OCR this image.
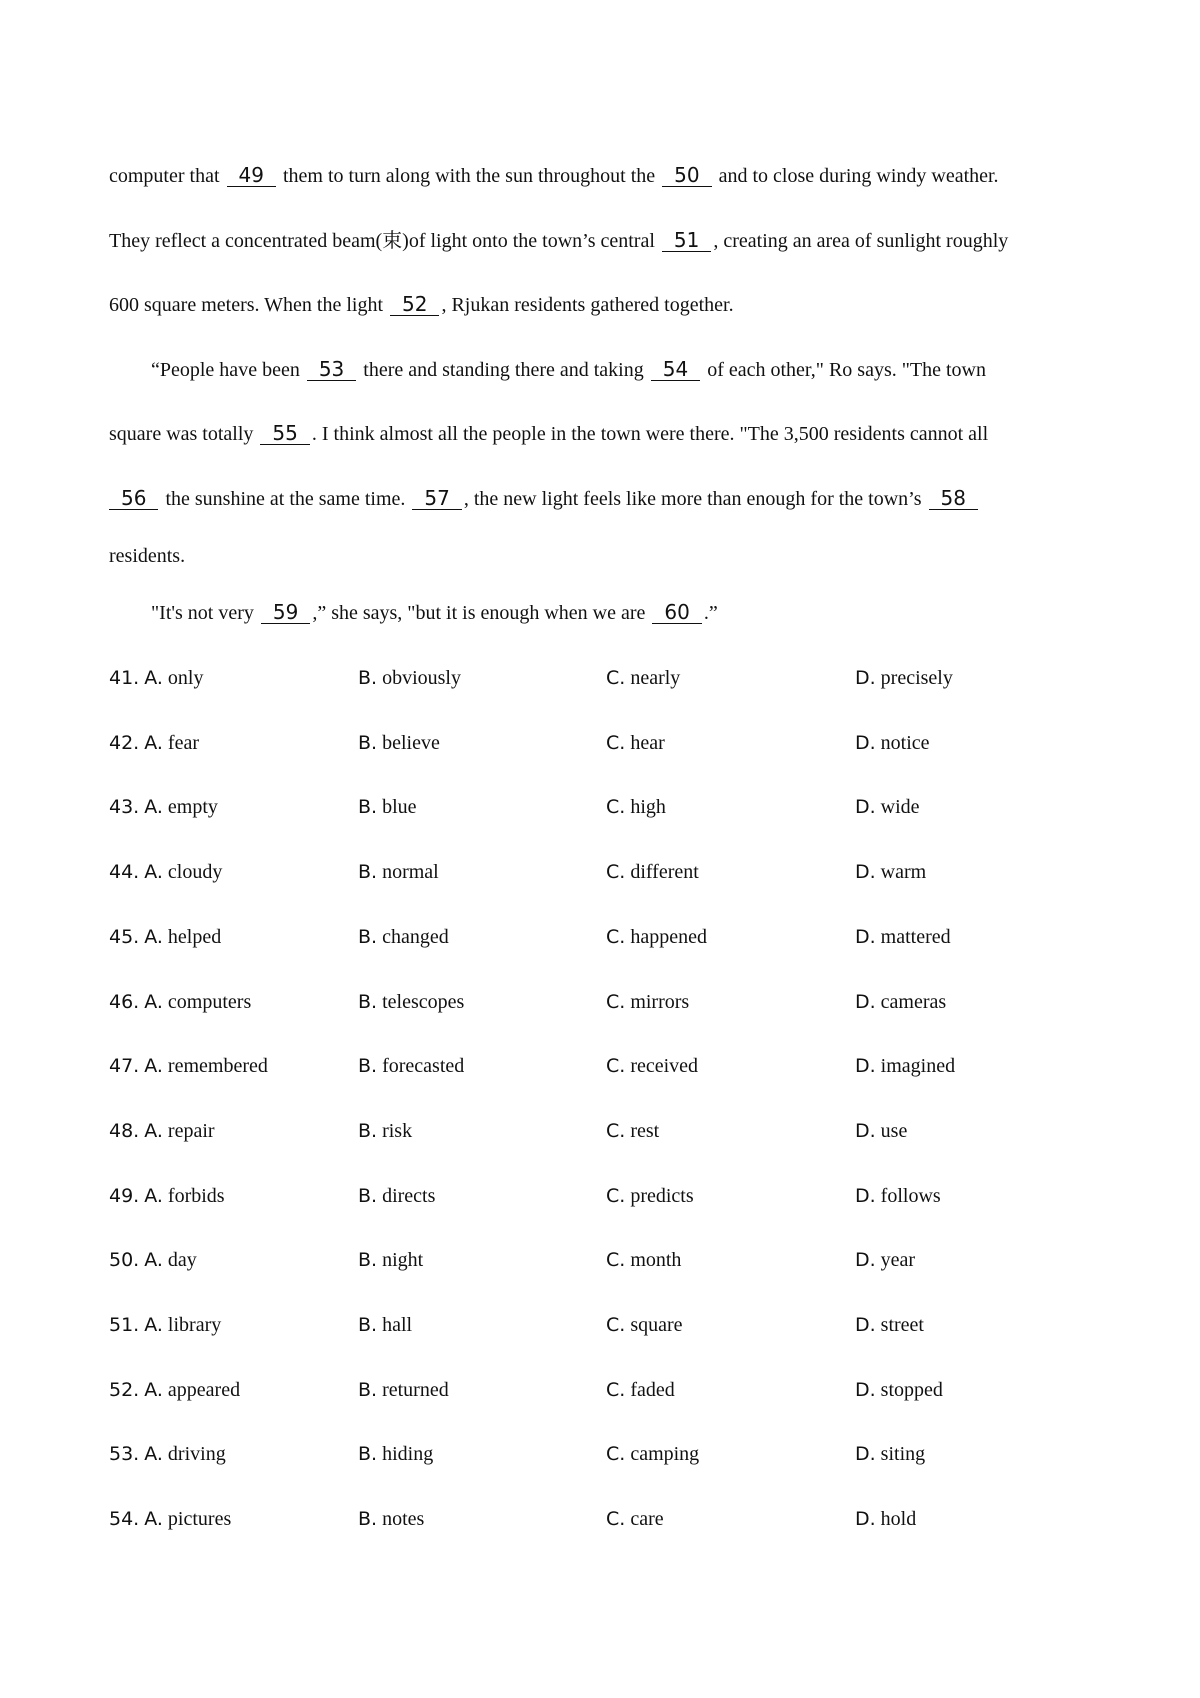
computer that 49 them to turn along with the sun throughout the 50 and to close during windy weather.
They reflect a concentrated beam(束)of light onto the town’s central 51 , creating an area of sunlight roughly
600 square meters. When the light 52 , Rjukan residents gathered together.
“People have been 53 there and standing there and taking 54 of each other," Ro says. "The town
square was totally 55 . I think almost all the people in the town were there. "The 3,500 residents cannot all
56 the sunshine at the same time. 57 , the new light feels like more than enough for the town’s 58
residents.
"It's not very 59 ,” she says, "but it is enough when we are 60 .”
41. A. only	B. obviously	C. nearly	D. precisely
42. A. fear	B. believe	C. hear	D. notice
43. A. empty	B. blue	C. high	D. wide
44. A. cloudy	B. normal	C. different	D. warm
45. A. helped	B. changed	C. happened	D. mattered
46. A. computers	B. telescopes	C. mirrors	D. cameras
47. A. remembered	B. forecasted	C. received	D. imagined
48. A. repair	B. risk	C. rest	D. use
49. A. forbids	B. directs	C. predicts	D. follows
50. A. day	B. night	C. month	D. year
51. A. library	B. hall	C. square	D. street
52. A. appeared	B. returned	C. faded	D. stopped
53. A. driving	B. hiding	C. camping	D. siting
54. A. pictures	B. notes	C. care	D. hold
